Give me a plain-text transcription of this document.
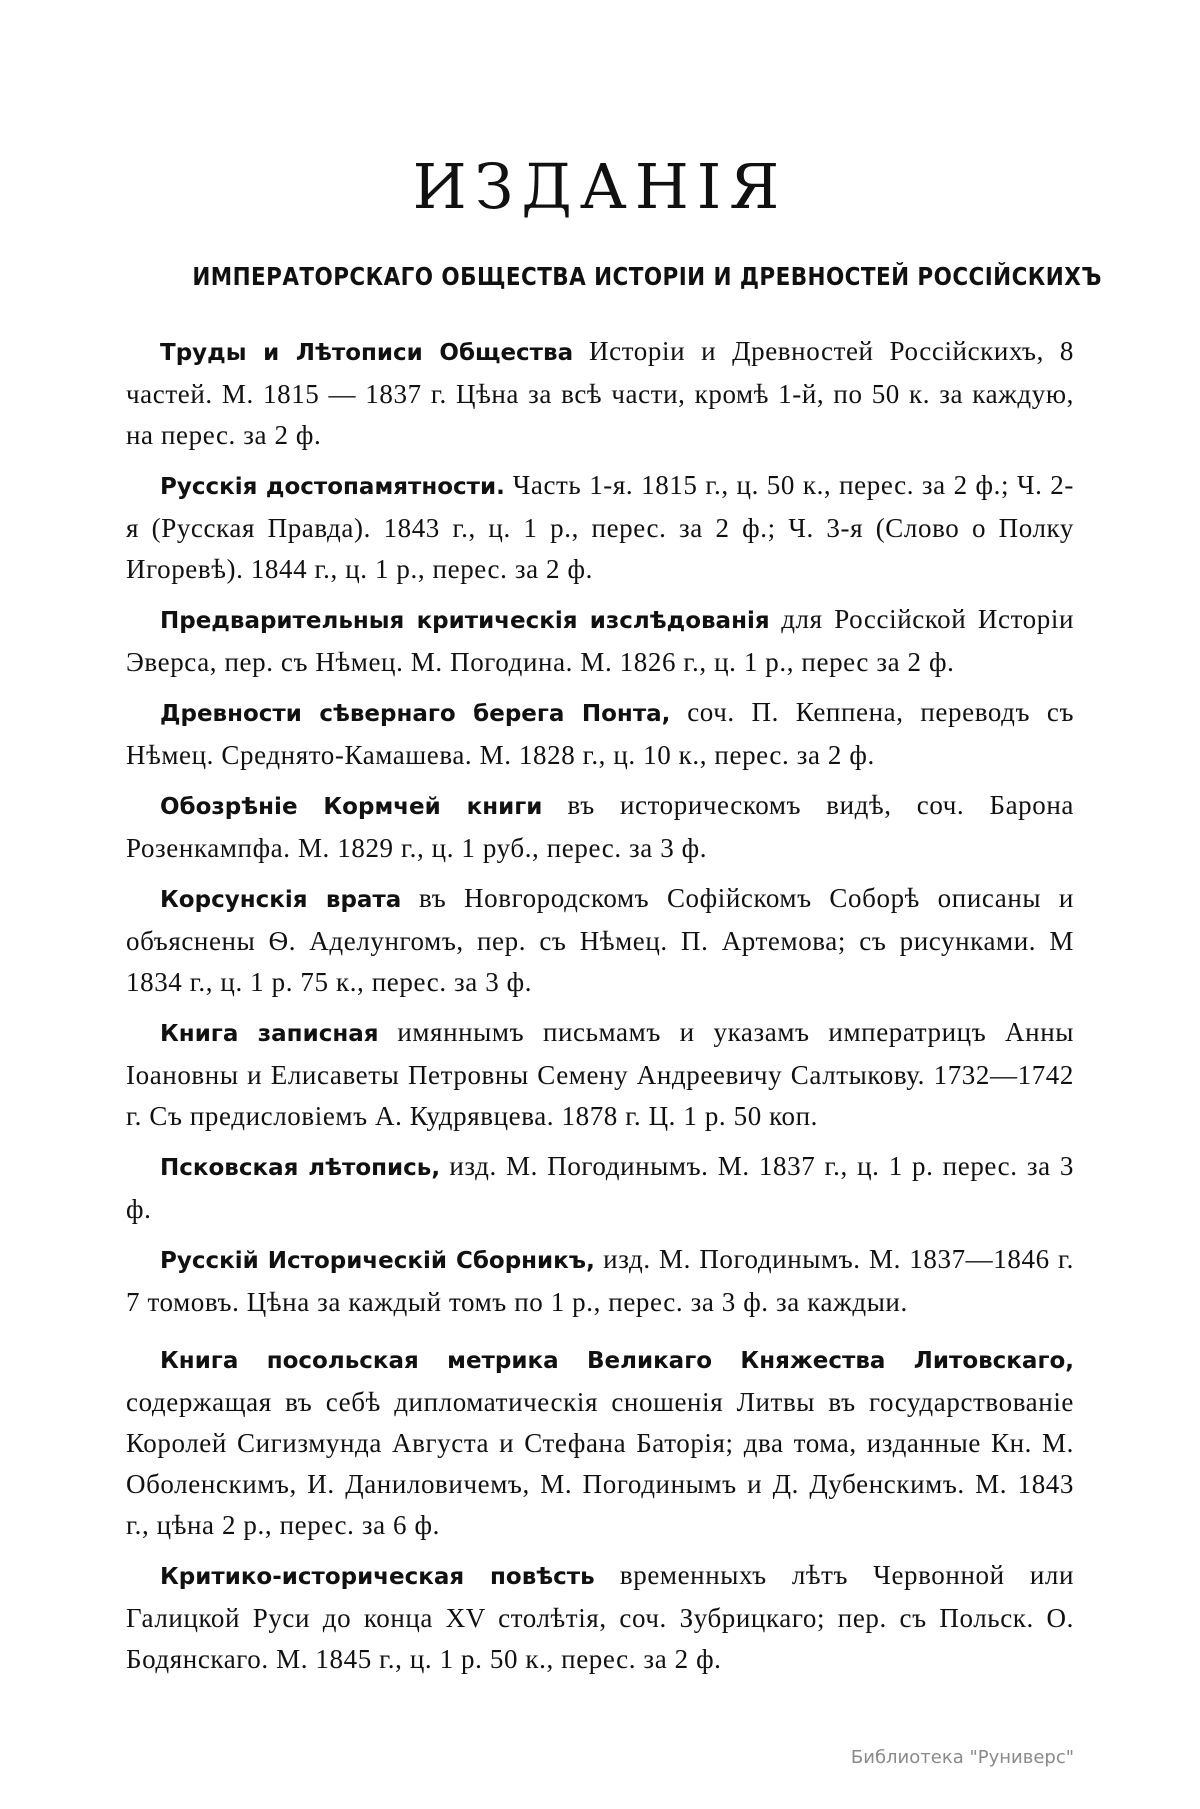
ИЗДАНІЯ
ИМПЕРАТОРСКАГО ОБЩЕСТВА ИСТОРІИ И ДРЕВНОСТЕЙ РОССІЙСКИХЪ

Труды и Лѣтописи Общества Исторіи и Древностей Россійскихъ, 8 частей. М. 1815 — 1837 г. Цѣна за всѣ части, кромѣ 1-й, по 50 к. за каждую, на перес. за 2 ф.

Русскія достопамятности. Часть 1-я. 1815 г., ц. 50 к., перес. за 2 ф.; Ч. 2-я (Русская Правда). 1843 г., ц. 1 р., перес. за 2 ф.; Ч. 3-я (Слово о Полку Игоревѣ). 1844 г., ц. 1 р., перес. за 2 ф.

Предварительныя критическія изслѣдованія для Россійской Исторіи Эверса, пер. съ Нѣмец. М. Погодина. М. 1826 г., ц. 1 р., перес за 2 ф.

Древности сѣвернаго берега Понта, соч. П. Кеппена, переводъ съ Нѣмец. Среднято-Камашева. М. 1828 г., ц. 10 к., перес. за 2 ф.

Обозрѣніе Кормчей книги въ историческомъ видѣ, соч. Барона Розенкампфа. М. 1829 г., ц. 1 руб., перес. за 3 ф.

Корсунскія врата въ Новгородскомъ Софійскомъ Соборѣ описаны и объяснены Ѳ. Аделунгомъ, пер. съ Нѣмец. П. Артемова; съ рисунками. М 1834 г., ц. 1 р. 75 к., перес. за 3 ф.

Книга записная имяннымъ письмамъ и указамъ императрицъ Анны Іоановны и Елисаветы Петровны Семену Андреевичу Салтыкову. 1732—1742 г. Съ предисловіемъ А. Кудрявцева. 1878 г. Ц. 1 р. 50 коп.

Псковская лѣтопись, изд. М. Погодинымъ. М. 1837 г., ц. 1 р. перес. за 3 ф.

Русскій Историческій Сборникъ, изд. М. Погодинымъ. М. 1837—1846 г. 7 томовъ. Цѣна за каждый томъ по 1 р., перес. за 3 ф. за каждыи.

Книга посольская метрика Великаго Княжества Литовскаго, содержащая въ себѣ дипломатическія сношенія Литвы въ государствованіе Королей Сигизмунда Августа и Стефана Баторія; два тома, изданные Кн. М. Оболенскимъ, И. Даниловичемъ, М. Погодинымъ и Д. Дубенскимъ. М. 1843 г., цѣна 2 р., перес. за 6 ф.

Критико-историческая повѣсть временныхъ лѣтъ Червонной или Галицкой Руси до конца XV столѣтія, соч. Зубрицкаго; пер. съ Польск. О. Бодянскаго. М. 1845 г., ц. 1 р. 50 к., перес. за 2 ф.

Библиотека "Руниверс"
